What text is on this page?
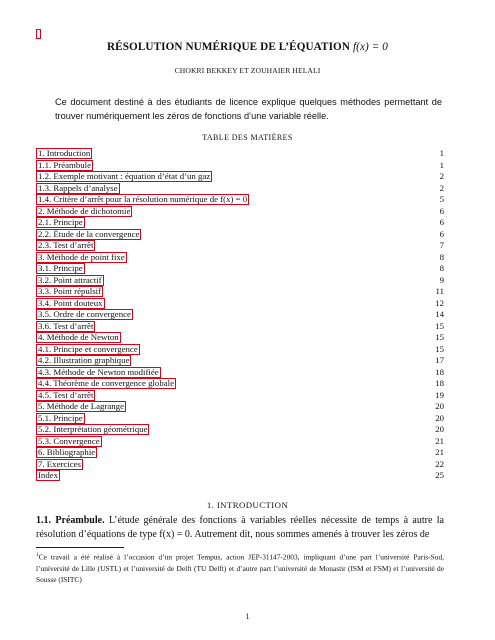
RÉSOLUTION NUMÉRIQUE DE L’ÉQUATION f(x) = 0
CHOKRI BEKKEY ET ZOUHAIER HELALI
Ce document destiné à des étudiants de licence explique quelques méthodes permettant de trouver numériquement les zéros de fonctions d’une variable réelle.
TABLE DES MATIÈRES
1. Introduction	1
1.1. Préambule	1
1.2. Exemple motivant : équation d’état d’un gaz	2
1.3. Rappels d’analyse	2
1.4. Critère d’arrêt pour la résolution numérique de f(x) = 0	5
2. Méthode de dichotomie	6
2.1. Principe	6
2.2. Étude de la convergence	6
2.3. Test d’arrêt	7
3. Méthode de point fixe	8
3.1. Principe	8
3.2. Point attractif	9
3.3. Point répulsif	11
3.4. Point douteux	12
3.5. Ordre de convergence	14
3.6. Test d’arrêt	15
4. Méthode de Newton	15
4.1. Principe et convergence	15
4.2. Illustration graphique	17
4.3. Méthode de Newton modifiée	18
4.4. Théorème de convergence globale	18
4.5. Test d’arrêt	19
5. Méthode de Lagrange	20
5.1. Principe	20
5.2. Interprétation géométrique	20
5.3. Convergence	21
6. Bibliographie	21
7. Exercices	22
Index	25
1. INTRODUCTION
1.1. Préambule. L’étude générale des fonctions à variables réelles nécessite de temps à autre la résolution d’équations de type f(x) = 0. Autrement dit, nous sommes amenés à trouver les zéros de
$^1$Ce travail a été réalisé à l’occasion d’un projet Tempus, action JEP-31147-2003, impliquant d’une part l’université Paris-Sud, l’université de Lille (USTL) et l’université de Delft (TU Delft) et d’autre part l’université de Monastir (ISM et FSM) et l’université de Sousse (ISITC)
1
